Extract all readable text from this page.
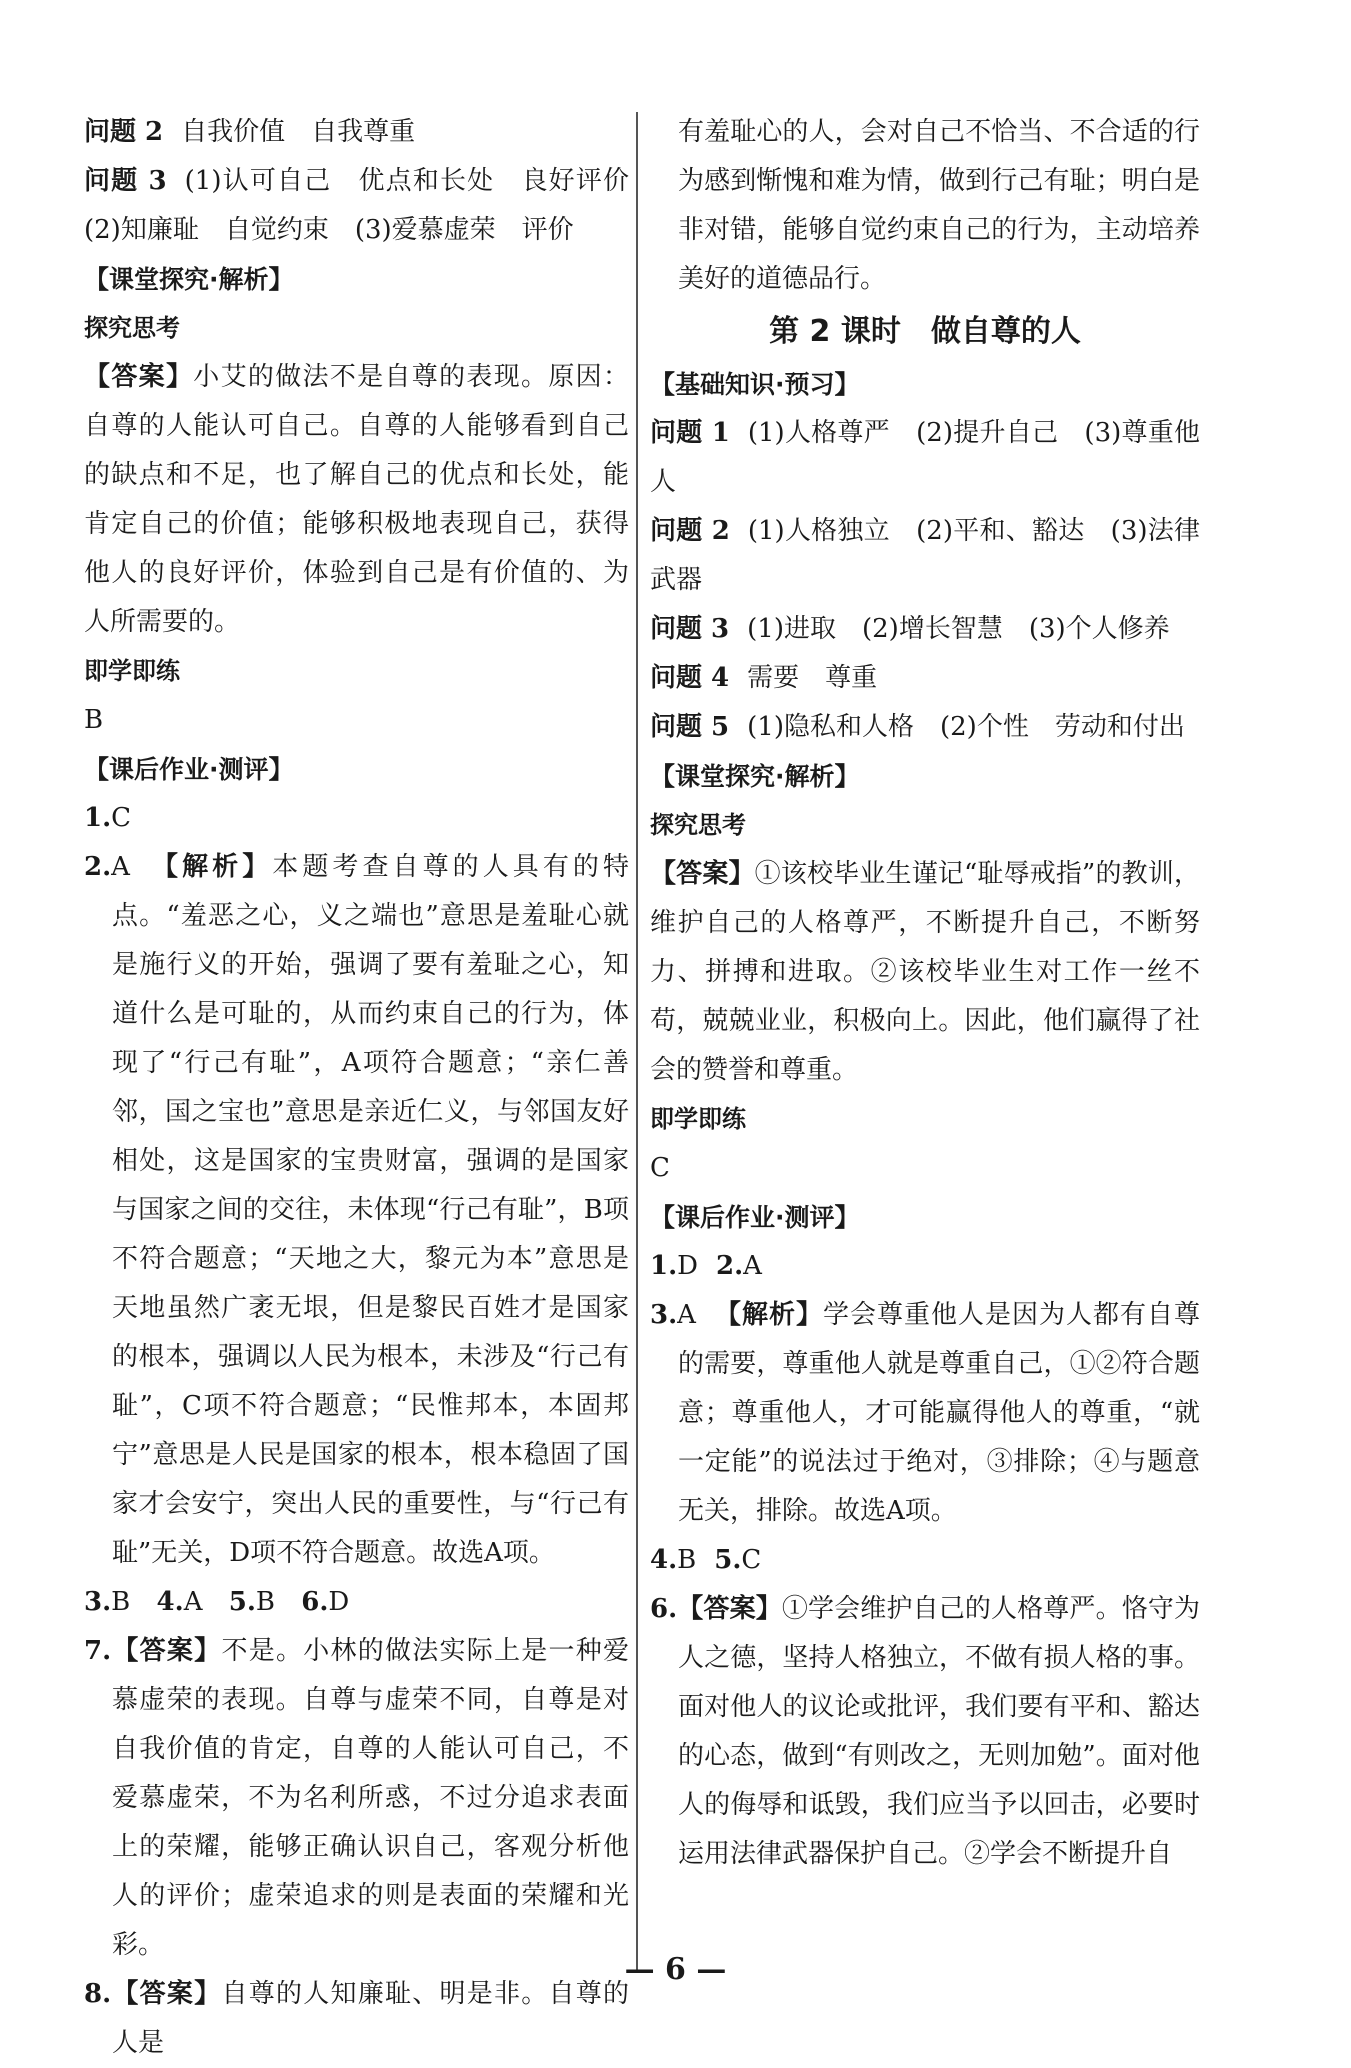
问题 2 自我价值　自我尊重

问题 3 (1)认可自己　优点和长处　良好评价(2)知廉耻　自觉约束　(3)爱慕虚荣　评价

【课堂探究·解析】

探究思考

【答案】小艾的做法不是自尊的表现。原因：自尊的人能认可自己。自尊的人能够看到自己的缺点和不足，也了解自己的优点和长处，能肯定自己的价值；能够积极地表现自己，获得他人的良好评价，体验到自己是有价值的、为人所需要的。

即学即练

B

【课后作业·测评】

1.C

2.A 【解析】本题考查自尊的人具有的特点。“羞恶之心，义之端也”意思是羞耻心就是施行义的开始，强调了要有羞耻之心，知道什么是可耻的，从而约束自己的行为，体现了“行己有耻”，A项符合题意；“亲仁善邻，国之宝也”意思是亲近仁义，与邻国友好相处，这是国家的宝贵财富，强调的是国家与国家之间的交往，未体现“行己有耻”，B项不符合题意；“天地之大，黎元为本”意思是天地虽然广袤无垠，但是黎民百姓才是国家的根本，强调以人民为根本，未涉及“行己有耻”，C项不符合题意；“民惟邦本，本固邦宁”意思是人民是国家的根本，根本稳固了国家才会安宁，突出人民的重要性，与“行己有耻”无关，D项不符合题意。故选A项。

3.B 4.A 5.B 6.D

7.【答案】不是。小林的做法实际上是一种爱慕虚荣的表现。自尊与虚荣不同，自尊是对自我价值的肯定，自尊的人能认可自己，不爱慕虚荣，不为名利所惑，不过分追求表面上的荣耀，能够正确认识自己，客观分析他人的评价；虚荣追求的则是表面的荣耀和光彩。

8.【答案】自尊的人知廉耻、明是非。自尊的人是

有羞耻心的人，会对自己不恰当、不合适的行为感到惭愧和难为情，做到行己有耻；明白是非对错，能够自觉约束自己的行为，主动培养美好的道德品行。

第 2 课时　做自尊的人

【基础知识·预习】

问题 1 (1)人格尊严　(2)提升自己　(3)尊重他人

问题 2 (1)人格独立　(2)平和、豁达　(3)法律武器

问题 3 (1)进取　(2)增长智慧　(3)个人修养

问题 4 需要　尊重

问题 5 (1)隐私和人格　(2)个性　劳动和付出

【课堂探究·解析】

探究思考

【答案】①该校毕业生谨记“耻辱戒指”的教训，维护自己的人格尊严，不断提升自己，不断努力、拼搏和进取。②该校毕业生对工作一丝不苟，兢兢业业，积极向上。因此，他们赢得了社会的赞誉和尊重。

即学即练

C

【课后作业·测评】

1.D 2.A

3.A 【解析】学会尊重他人是因为人都有自尊的需要，尊重他人就是尊重自己，①②符合题意；尊重他人，才可能赢得他人的尊重，“就一定能”的说法过于绝对，③排除；④与题意无关，排除。故选A项。

4.B 5.C

6.【答案】①学会维护自己的人格尊严。恪守为人之德，坚持人格独立，不做有损人格的事。面对他人的议论或批评，我们要有平和、豁达的心态，做到“有则改之，无则加勉”。面对他人的侮辱和诋毁，我们应当予以回击，必要时运用法律武器保护自己。②学会不断提升自

— 6 —
